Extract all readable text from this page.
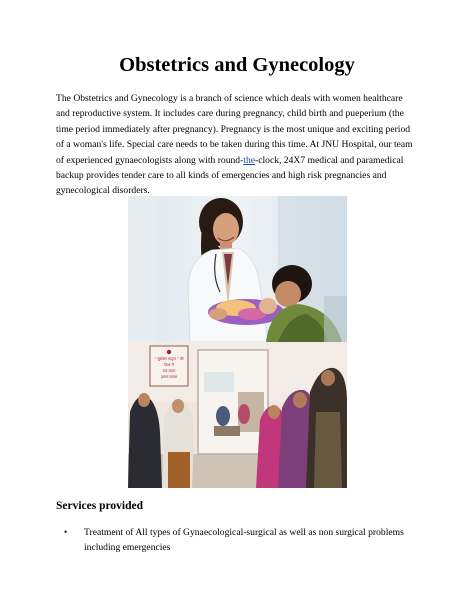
Obstetrics and Gynecology
The Obstetrics and Gynecology is a branch of science which deals with women healthcare and reproductive system. It includes care during pregnancy, child birth and pueperium (the time period immediately after pregnancy). Pregnancy is the most unique and exciting period of a woman's life. Special care needs to be taken during this time. At JNU Hospital, our team of experienced gynaecologists along with round-the-clock, 24X7 medical and paramedical backup provides tender care to all kinds of emergencies and high risk pregnancies and gynecological disorders.
" सुरक्षित मातृत्व " की
दिशा में
एक कदम
हमारा प्रयास
Services provided
• Treatment of All types of Gynaecological-surgical as well as non surgical problems including emergencies
